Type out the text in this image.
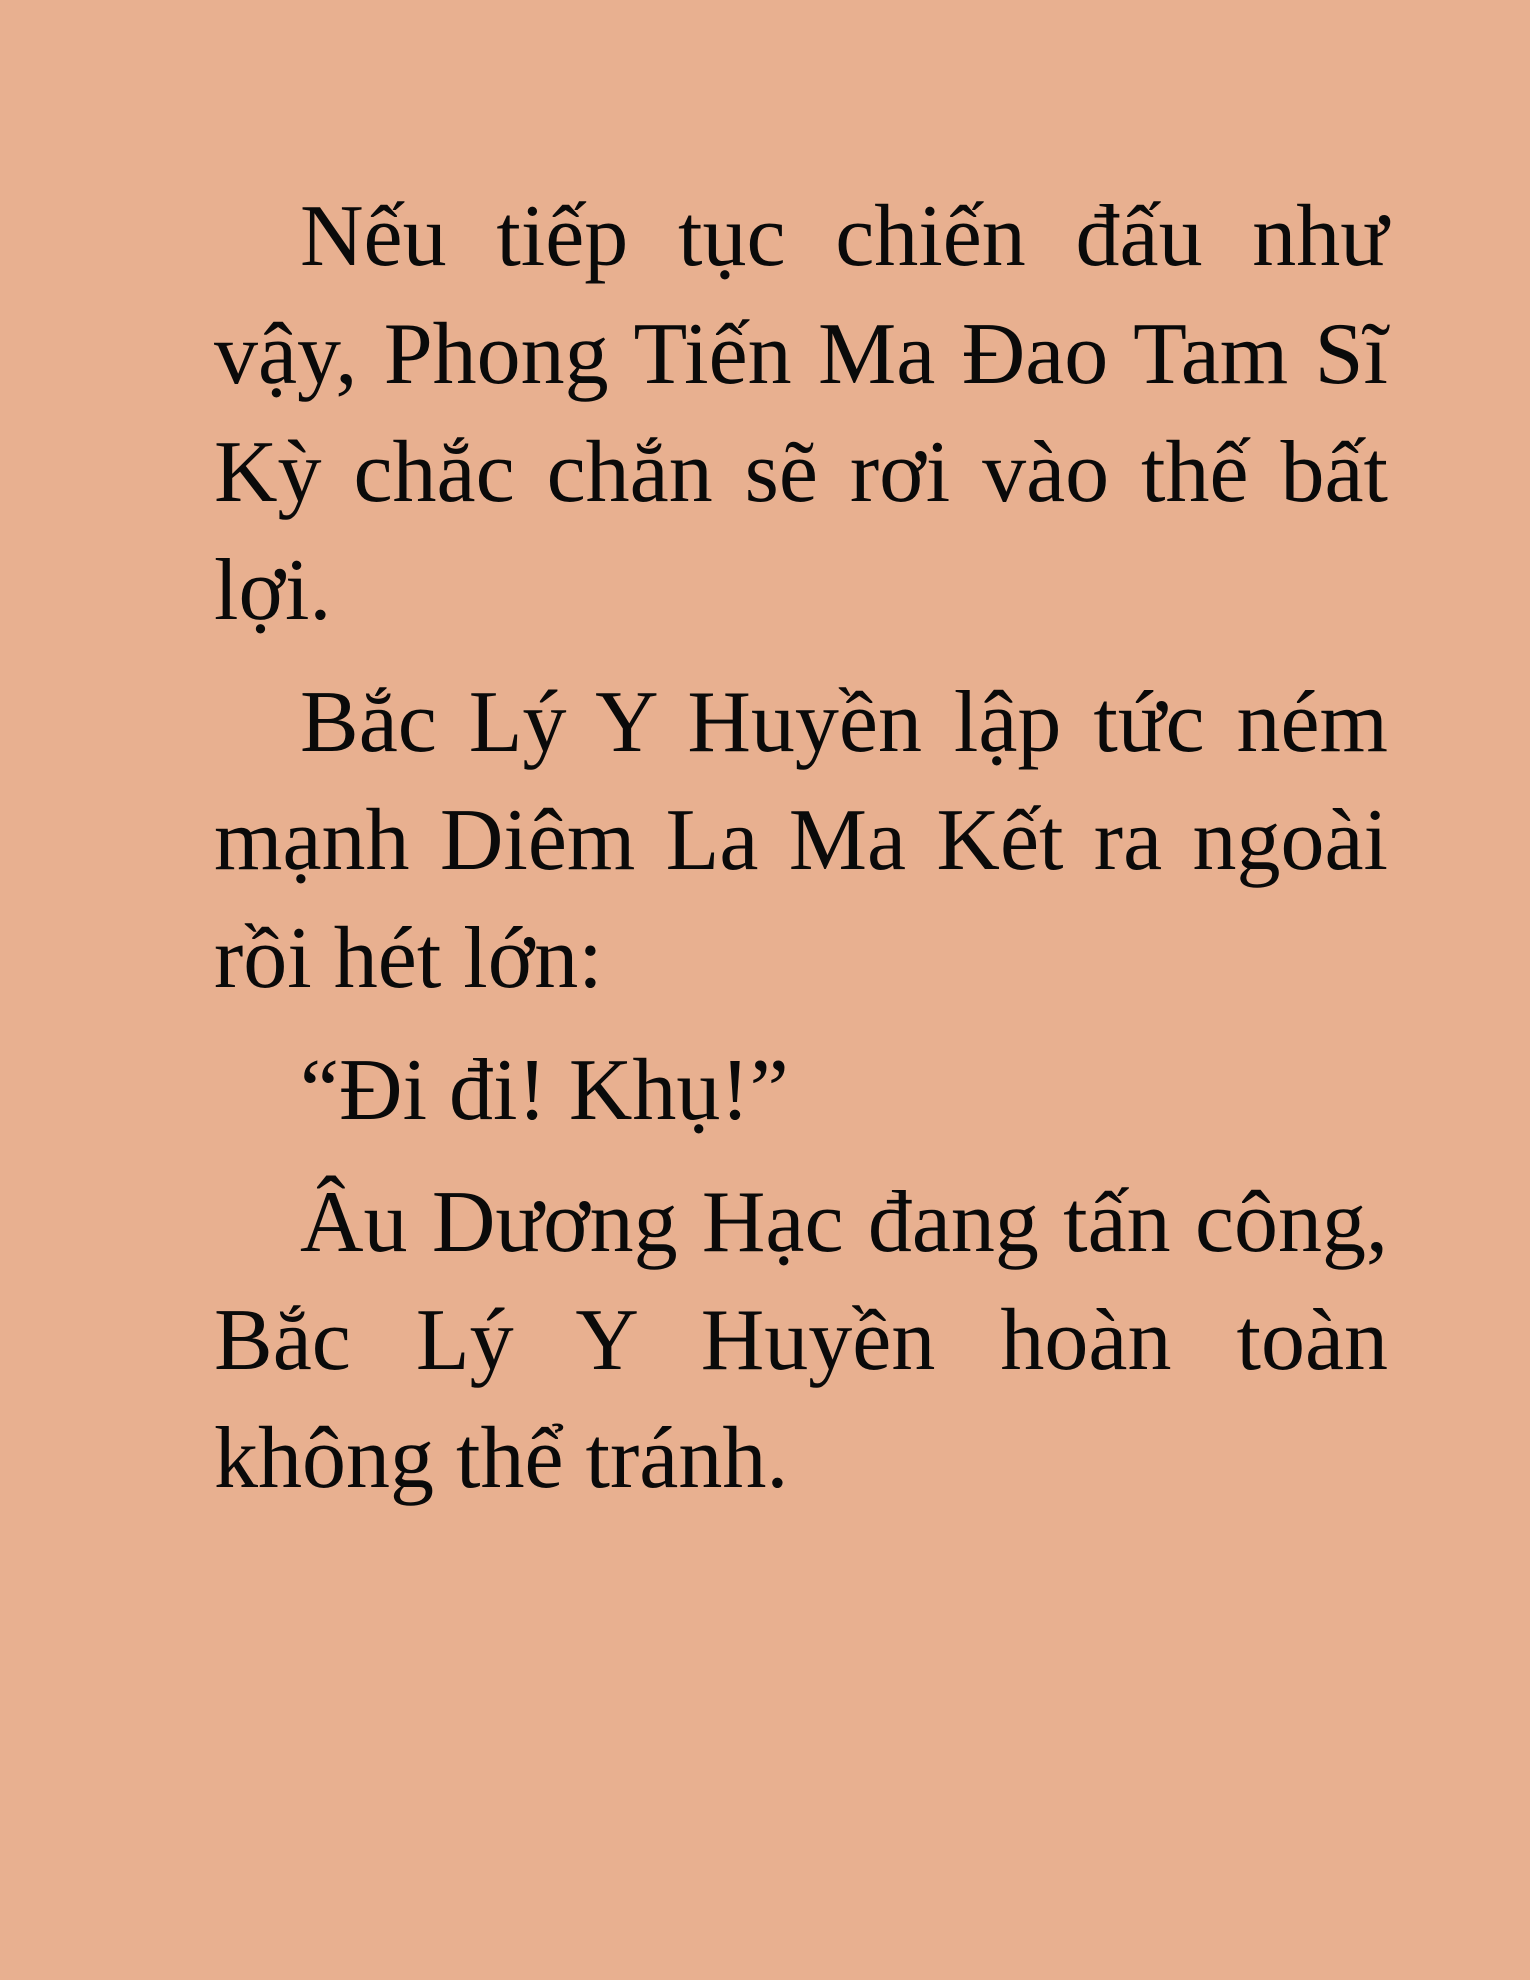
Nếu tiếp tục chiến đấu như vậy, Phong Tiến Ma Đao Tam Sĩ Kỳ chắc chắn sẽ rơi vào thế bất lợi.

Bắc Lý Y Huyền lập tức ném mạnh Diêm La Ma Kết ra ngoài rồi hét lớn:

“Đi đi! Khụ!”

Âu Dương Hạc đang tấn công, Bắc Lý Y Huyền hoàn toàn không thể tránh.
